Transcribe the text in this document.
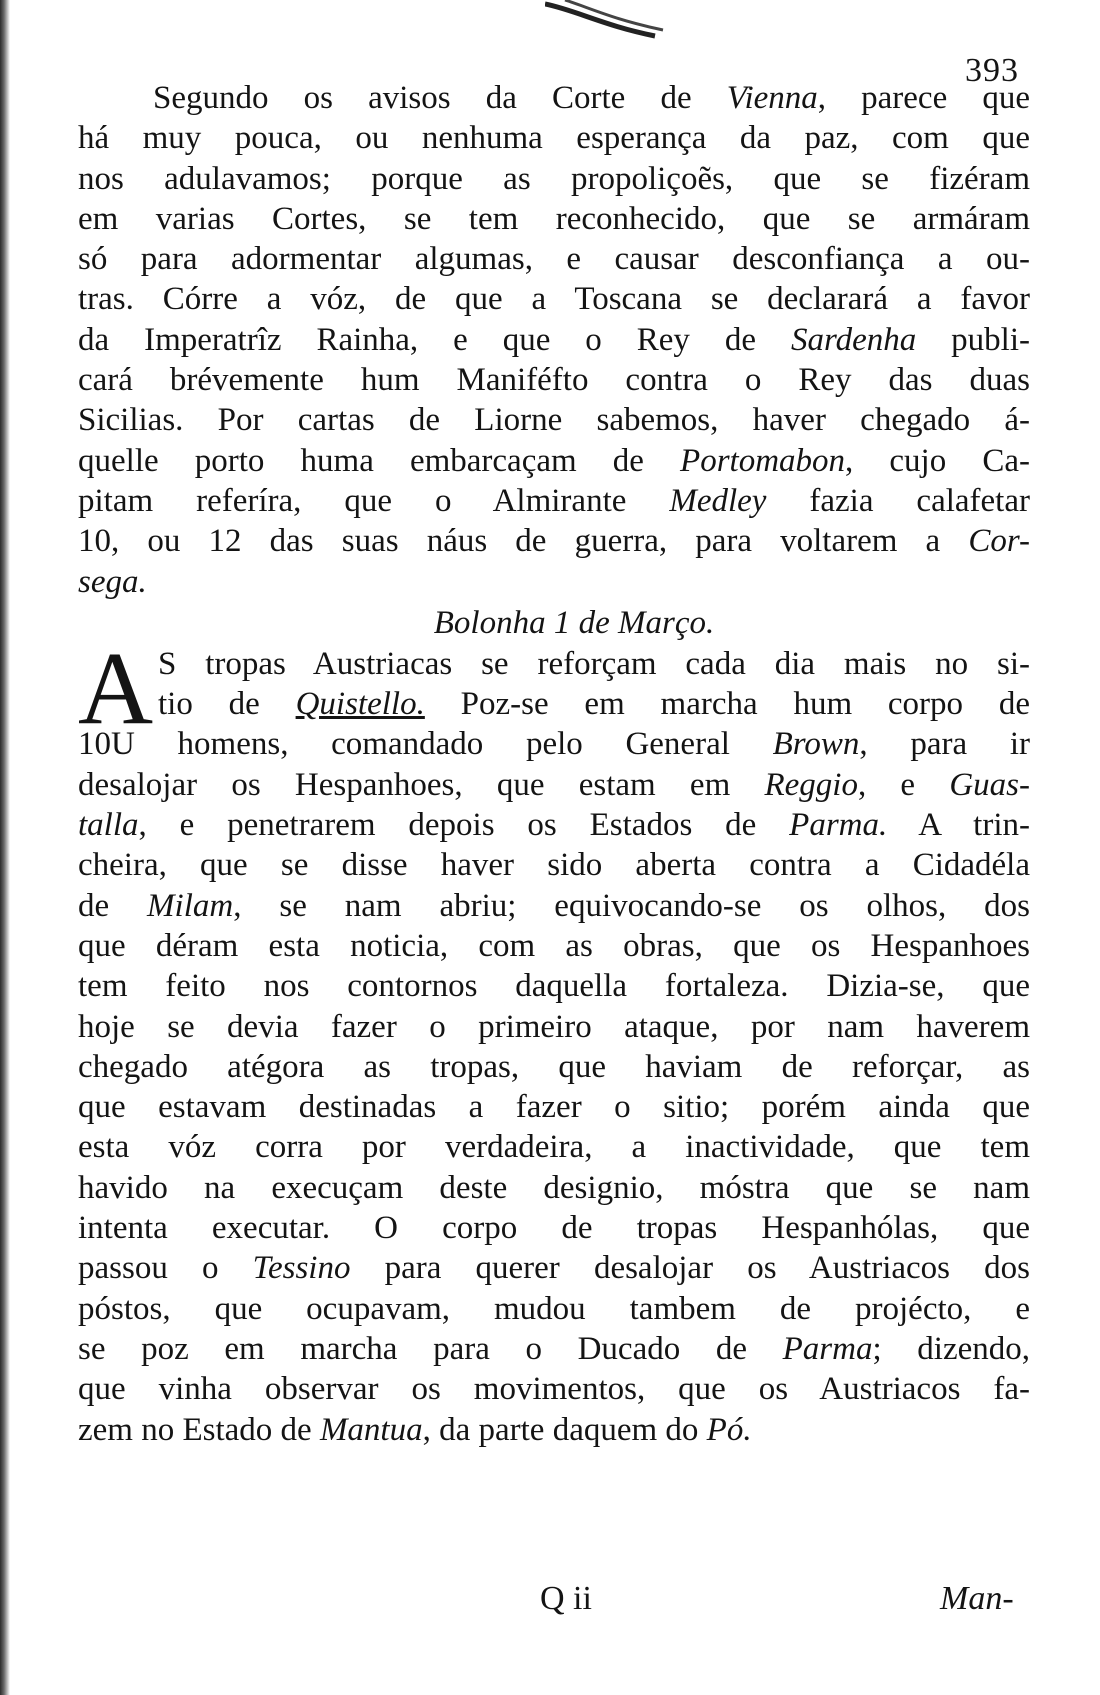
393
Segundo os avisos da Corte de Vienna, parece que
há muy pouca, ou nenhuma esperança da paz, com que
nos adulavamos; porque as propoliçoẽs, que se fizéram
em varias Cortes, se tem reconhecido, que se armáram
só para adormentar algumas, e causar desconfiança a ou-
tras. Córre a vóz, de que a Toscana se declarará a favor
da Imperatrîz Rainha, e que o Rey de Sardenha publi-
cará brévemente hum Maniféfto contra o Rey das duas
Sicilias. Por cartas de Liorne sabemos, haver chegado á-
quelle porto huma embarcaçam de Portomabon, cujo Ca-
pitam referíra, que o Almirante Medley fazia calafetar
10, ou 12 das suas náus de guerra, para voltarem a Cor-
sega.
Bolonha 1 de Março.
A S tropas Austriacas se reforçam cada dia mais no si-
tio de Quistello. Poz-se em marcha hum corpo de
10U homens, comandado pelo General Brown, para ir
desalojar os Hespanhoes, que estam em Reggio, e Guas-
talla, e penetrarem depois os Estados de Parma. A trin-
cheira, que se disse haver sido aberta contra a Cidadéla
de Milam, se nam abriu; equivocando-se os olhos, dos
que déram esta noticia, com as obras, que os Hespanhoes
tem feito nos contornos daquella fortaleza. Dizia-se, que
hoje se devia fazer o primeiro ataque, por nam haverem
chegado atégora as tropas, que haviam de reforçar, as
que estavam destinadas a fazer o sitio; porém ainda que
esta vóz corra por verdadeira, a inactividade, que tem
havido na execuçam deste designio, móstra que se nam
intenta executar. O corpo de tropas Hespanhólas, que
passou o Tessino para querer desalojar os Austriacos dos
póstos, que ocupavam, mudou tambem de projécto, e
se poz em marcha para o Ducado de Parma; dizendo,
que vinha observar os movimentos, que os Austriacos fa-
zem no Estado de Mantua, da parte daquem do Pó.
Q ii	Man-
